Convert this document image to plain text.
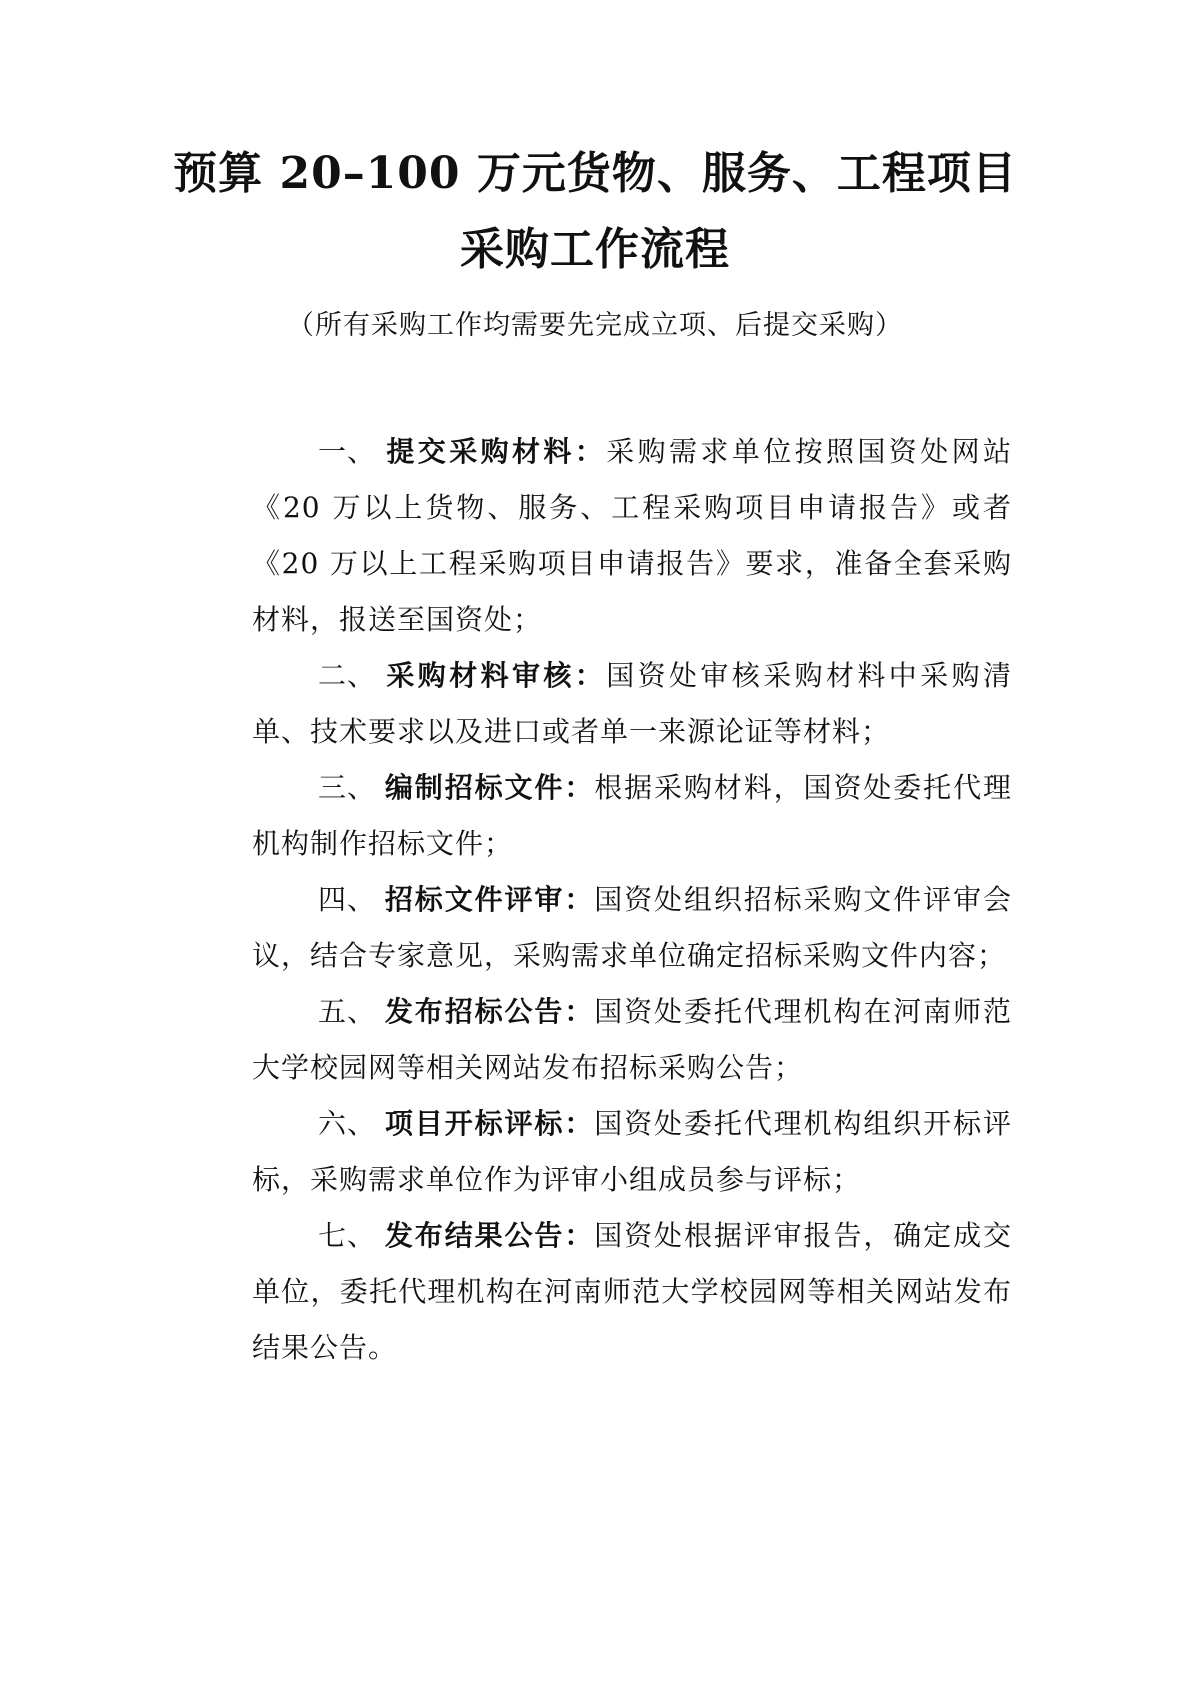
预算 20–100 万元货物、服务、工程项目
采购工作流程
（所有采购工作均需要先完成立项、后提交采购）

一、 提交采购材料：采购需求单位按照国资处网站《20 万以上货物、服务、工程采购项目申请报告》或者《20 万以上工程采购项目申请报告》要求，准备全套采购材料，报送至国资处；

二、 采购材料审核：国资处审核采购材料中采购清单、技术要求以及进口或者单一来源论证等材料；

三、 编制招标文件：根据采购材料，国资处委托代理机构制作招标文件；

四、 招标文件评审：国资处组织招标采购文件评审会议，结合专家意见，采购需求单位确定招标采购文件内容；

五、 发布招标公告：国资处委托代理机构在河南师范大学校园网等相关网站发布招标采购公告；

六、 项目开标评标：国资处委托代理机构组织开标评标，采购需求单位作为评审小组成员参与评标；

七、 发布结果公告：国资处根据评审报告，确定成交单位，委托代理机构在河南师范大学校园网等相关网站发布结果公告。
